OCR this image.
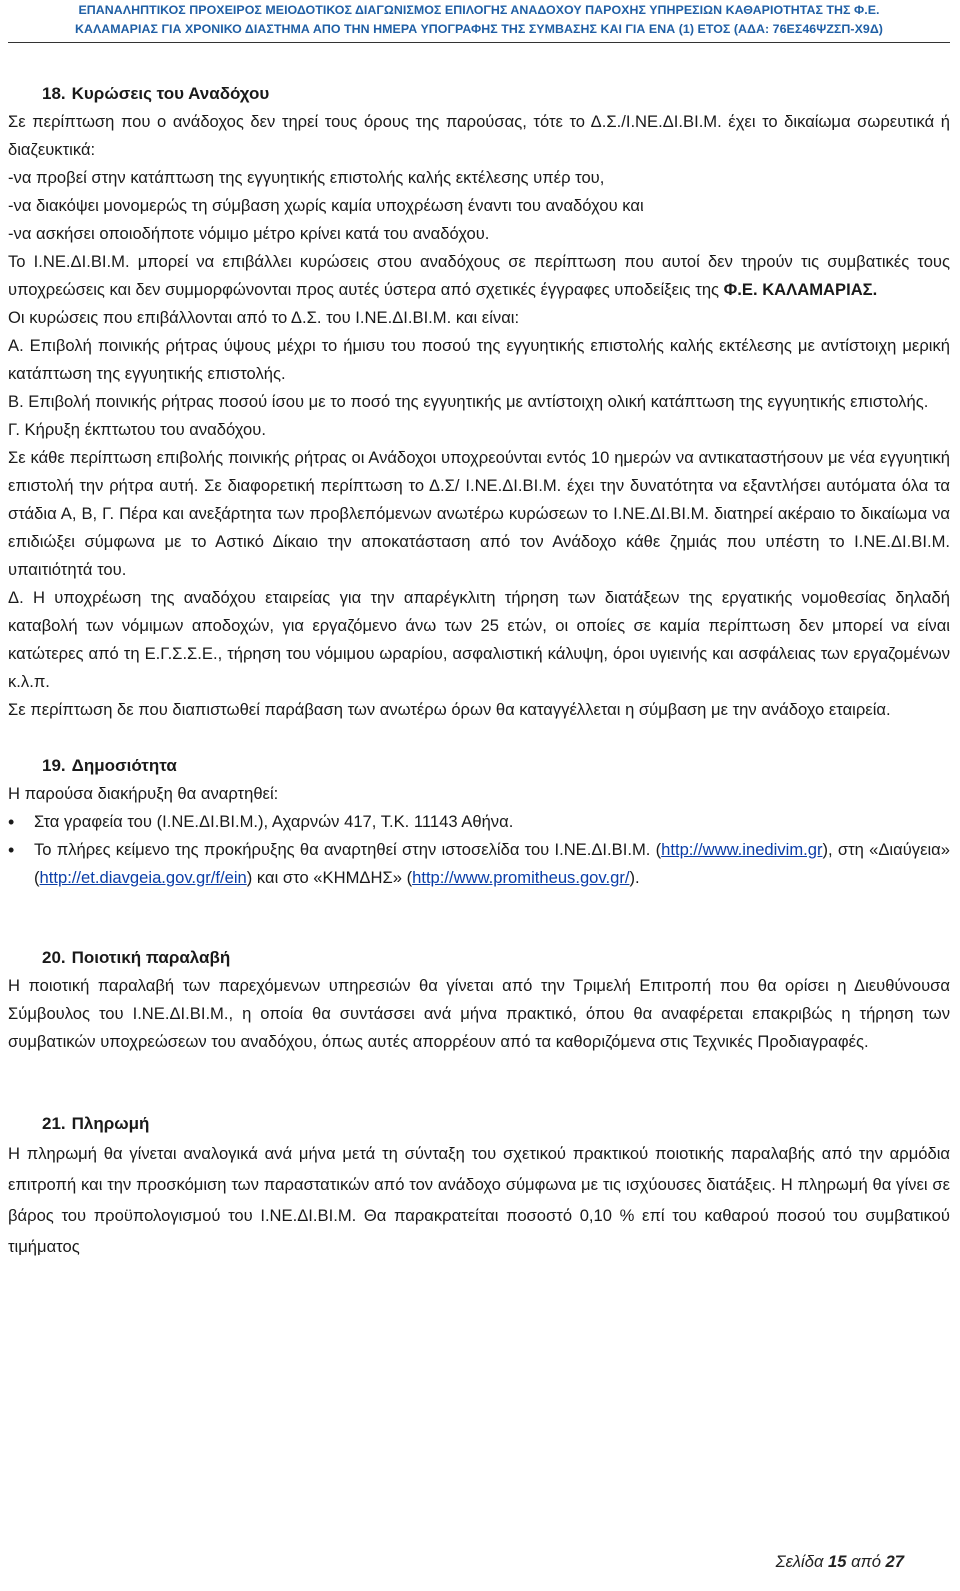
ΕΠΑΝΑΛΗΠΤΙΚΟΣ ΠΡΟΧΕΙΡΟΣ ΜΕΙΟΔΟΤΙΚΟΣ ΔΙΑΓΩΝΙΣΜΟΣ ΕΠΙΛΟΓΗΣ ΑΝΑΔΟΧΟΥ ΠΑΡΟΧΗΣ ΥΠΗΡΕΣΙΩΝ ΚΑΘΑΡΙΟΤΗΤΑΣ ΤΗΣ Φ.Ε.
ΚΑΛΑΜΑΡΙΑΣ ΓΙΑ ΧΡΟΝΙΚΟ ΔΙΑΣΤΗΜΑ ΑΠΟ ΤΗΝ ΗΜΕΡΑ ΥΠΟΓΡΑΦΗΣ ΤΗΣ ΣΥΜΒΑΣΗΣ ΚΑΙ ΓΙΑ ΕΝΑ (1) ΕΤΟΣ (ΑΔΑ: 76ΕΣ46ΨΖΣΠ-Χ9Δ)
18. Κυρώσεις του Αναδόχου

Σε περίπτωση που ο ανάδοχος δεν τηρεί τους όρους της παρούσας, τότε το Δ.Σ./Ι.ΝΕ.ΔΙ.ΒΙ.Μ. έχει το δικαίωμα σωρευτικά ή διαζευκτικά:

-να προβεί στην κατάπτωση της εγγυητικής επιστολής καλής εκτέλεσης υπέρ του,

-να διακόψει μονομερώς τη σύμβαση χωρίς καμία υποχρέωση έναντι του αναδόχου και

-να ασκήσει οποιοδήποτε νόμιμο μέτρο κρίνει κατά του αναδόχου.

Το Ι.ΝΕ.ΔΙ.ΒΙ.Μ. μπορεί να επιβάλλει κυρώσεις στου αναδόχους σε περίπτωση που αυτοί δεν τηρούν τις συμβατικές τους υποχρεώσεις και δεν συμμορφώνονται προς αυτές ύστερα από σχετικές έγγραφες υποδείξεις της Φ.Ε. ΚΑΛΑΜΑΡΙΑΣ.

Οι κυρώσεις που επιβάλλονται από το Δ.Σ. του Ι.ΝΕ.ΔΙ.ΒΙ.Μ. και είναι:

Α. Επιβολή ποινικής ρήτρας ύψους μέχρι το ήμισυ του ποσού της εγγυητικής επιστολής καλής εκτέλεσης με αντίστοιχη μερική κατάπτωση της εγγυητικής επιστολής.

Β. Επιβολή ποινικής ρήτρας ποσού ίσου με το ποσό της εγγυητικής με αντίστοιχη ολική κατάπτωση της εγγυητικής επιστολής.

Γ. Κήρυξη έκπτωτου του αναδόχου.

Σε κάθε περίπτωση επιβολής ποινικής ρήτρας οι Ανάδοχοι υποχρεούνται εντός 10 ημερών να αντικαταστήσουν με νέα εγγυητική επιστολή την ρήτρα αυτή. Σε διαφορετική περίπτωση το Δ.Σ/ Ι.ΝΕ.ΔΙ.ΒΙ.Μ. έχει την δυνατότητα να εξαντλήσει αυτόματα όλα τα στάδια Α, Β, Γ. Πέρα και ανεξάρτητα των προβλεπόμενων ανωτέρω κυρώσεων το Ι.ΝΕ.ΔΙ.ΒΙ.Μ. διατηρεί ακέραιο το δικαίωμα να επιδιώξει σύμφωνα με το Αστικό Δίκαιο την αποκατάσταση από τον Ανάδοχο κάθε ζημιάς που υπέστη το Ι.ΝΕ.ΔΙ.ΒΙ.Μ. υπαιτιότητά του.

Δ. Η υποχρέωση της αναδόχου εταιρείας για την απαρέγκλιτη τήρηση των διατάξεων της εργατικής νομοθεσίας δηλαδή καταβολή των νόμιμων αποδοχών, για εργαζόμενο άνω των 25 ετών, οι οποίες σε καμία περίπτωση δεν μπορεί να είναι κατώτερες από τη Ε.Γ.Σ.Σ.Ε., τήρηση του νόμιμου ωραρίου, ασφαλιστική κάλυψη, όροι υγιεινής και ασφάλειας των εργαζομένων κ.λ.π.

Σε περίπτωση δε που διαπιστωθεί παράβαση των ανωτέρω όρων θα καταγγέλλεται η σύμβαση με την ανάδοχο εταιρεία.

19. Δημοσιότητα

Η παρούσα διακήρυξη θα αναρτηθεί:

• Στα γραφεία του (Ι.ΝΕ.ΔΙ.ΒΙ.Μ.), Αχαρνών 417, Τ.Κ. 11143 Αθήνα.
• Το πλήρες κείμενο της προκήρυξης θα αναρτηθεί στην ιστοσελίδα του Ι.ΝΕ.ΔΙ.ΒΙ.Μ. (http://www.inedivim.gr), στη «Διαύγεια» (http://et.diavgeia.gov.gr/f/ein) και στο «ΚΗΜΔΗΣ» (http://www.promitheus.gov.gr/).
20. Ποιοτική παραλαβή

Η ποιοτική παραλαβή των παρεχόμενων υπηρεσιών θα γίνεται από την Τριμελή Επιτροπή που θα ορίσει η Διευθύνουσα Σύμβουλος του Ι.ΝΕ.ΔΙ.ΒΙ.Μ., η οποία θα συντάσσει ανά μήνα πρακτικό, όπου θα αναφέρεται επακριβώς η τήρηση των συμβατικών υποχρεώσεων του αναδόχου, όπως αυτές απορρέουν από τα καθοριζόμενα στις Τεχνικές Προδιαγραφές.

21. Πληρωμή

Η πληρωμή θα γίνεται αναλογικά ανά μήνα μετά τη σύνταξη του σχετικού πρακτικού ποιοτικής παραλαβής από την αρμόδια επιτροπή και την προσκόμιση των παραστατικών από τον ανάδοχο σύμφωνα με τις ισχύουσες διατάξεις. Η πληρωμή θα γίνει σε βάρος του προϋπολογισμού του Ι.ΝΕ.ΔΙ.ΒΙ.Μ. Θα παρακρατείται ποσοστό 0,10 % επί του καθαρού ποσού του συμβατικού τιμήματος

Σελίδα 15 από 27
